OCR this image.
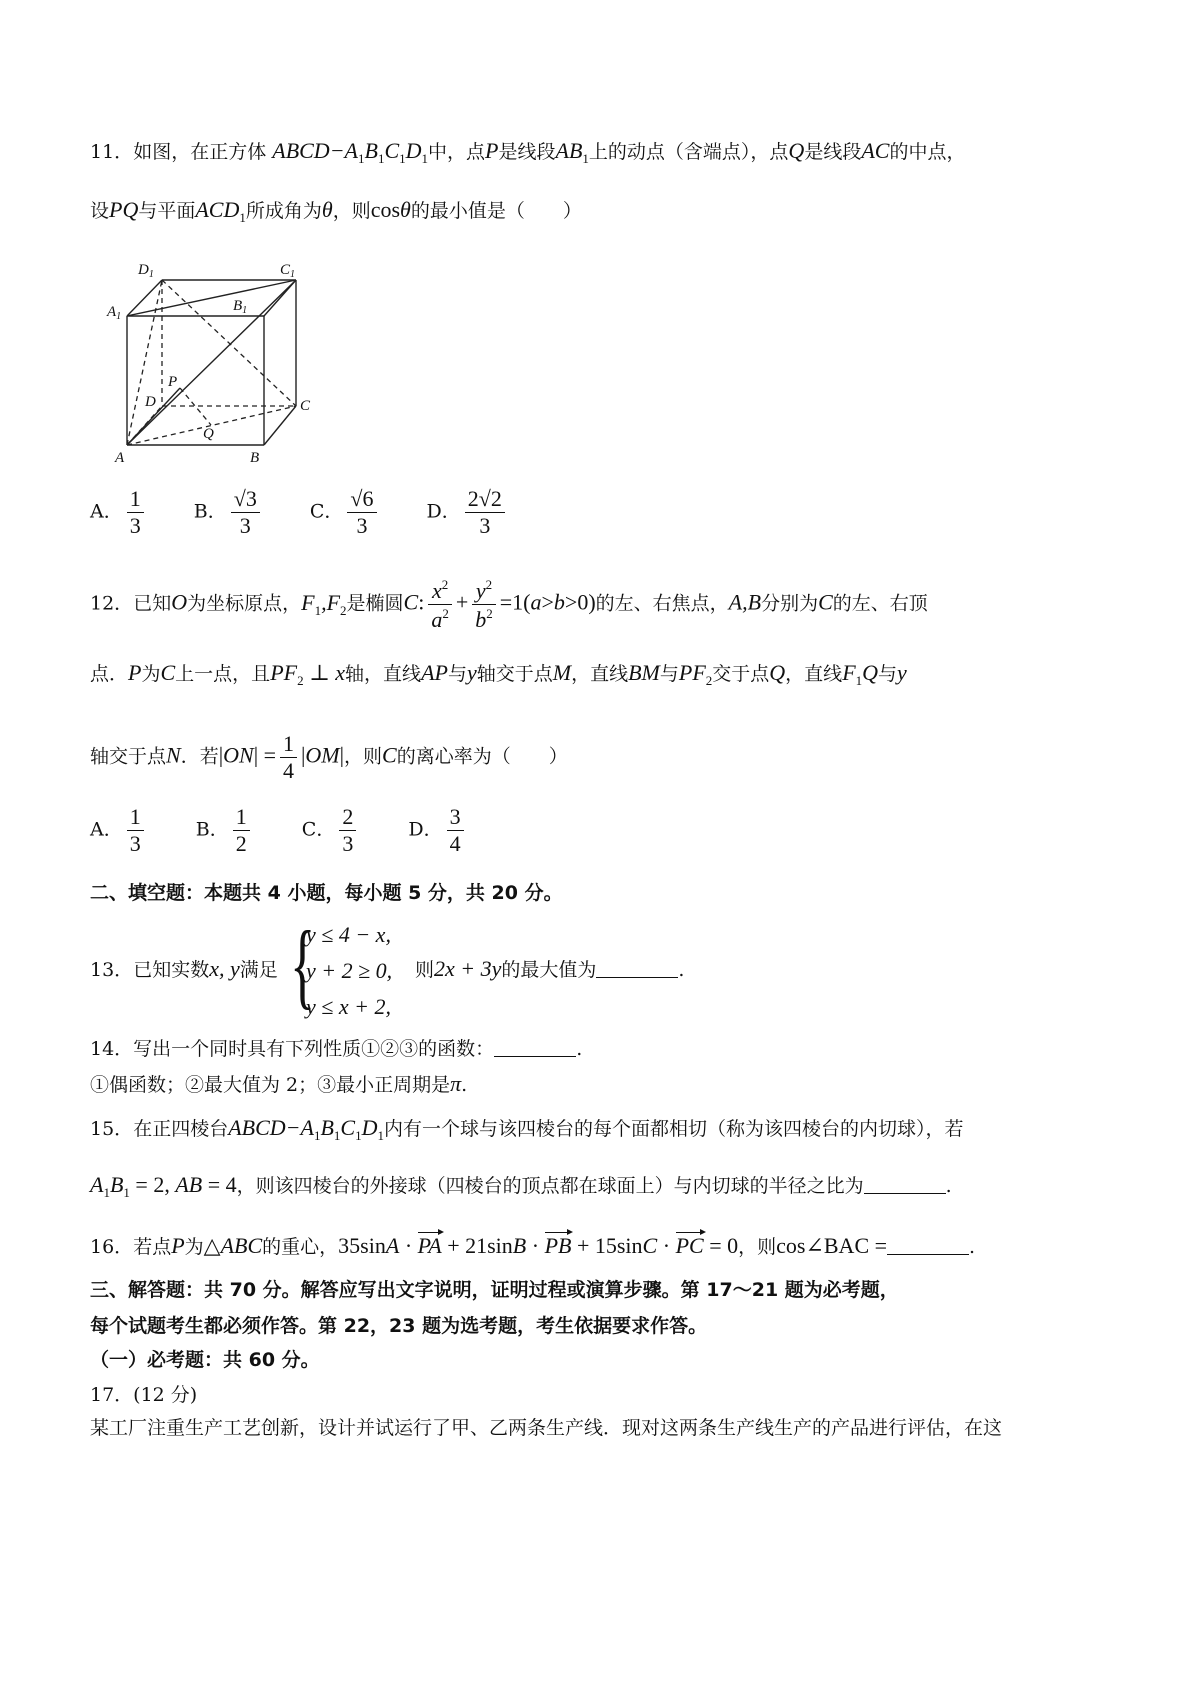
11．如图，在正方体 $ABCD-A_1B_1C_1D_1$中，点P是线段$AB_1$上的动点（含端点），点Q是线段AC的中点，
设PQ与平面$ACD_1$所成角为θ，则cosθ的最小值是（　　）
$D_1$	$C_1$
$A_1$
$B_1$
P
D	C
Q
A	B
A． $\frac{1}{3}$	B． $\frac{√3}{3}$	C． $\frac{√6}{3}$	D． $\frac{2√2}{3}$
12．已知O为坐标原点，$F_1,F_2$是椭圆C: $\frac{x^2}{a^2} + \frac{y^2}{b^2} =1(a>b>0)$的左、右焦点，A,B分别为C的左、右顶
点．P为C上一点，且$PF_2$ ⊥ x轴，直线AP与y轴交于点M，直线BM与$PF_2$交于点Q，直线$F_1Q$与y
轴交于点N．若$|ON| = \frac{1}{4} |OM|$，则C的离心率为（　　）
A． $\frac{1}{3}$	B． $\frac{1}{2}$	C． $\frac{2}{3}$	D． $\frac{3}{4}$
二、填空题：本题共 4 小题，每小题 5 分，共 20 分。
13．已知实数x, y满足 {
y ≤ 4 − x,
y + 2 ≥ 0,
y ≤ x + 2,
则2x + 3y的最大值为	.
14．写出一个同时具有下列性质①②③的函数：	.
①偶函数；②最大值为 2；③最小正周期是π.
15．在正四棱台$ABCD-A_1B_1C_1D_1$内有一个球与该四棱台的每个面都相切（称为该四棱台的内切球），若
$A_1B_1 = 2$, AB = 4，则该四棱台的外接球（四棱台的顶点都在球面上）与内切球的半径之比为	.
16．若点P为△ABC的重心，35sinA · PA + 21sinB · PB + 15sinC · PC = 0，则cos∠BAC =	.
三、解答题：共 70 分。解答应写出文字说明，证明过程或演算步骤。第 17～21 题为必考题，
每个试题考生都必须作答。第 22，23 题为选考题，考生依据要求作答。
（一）必考题：共 60 分。
17．(12 分)
某工厂注重生产工艺创新，设计并试运行了甲、乙两条生产线．现对这两条生产线生产的产品进行评估，在这
